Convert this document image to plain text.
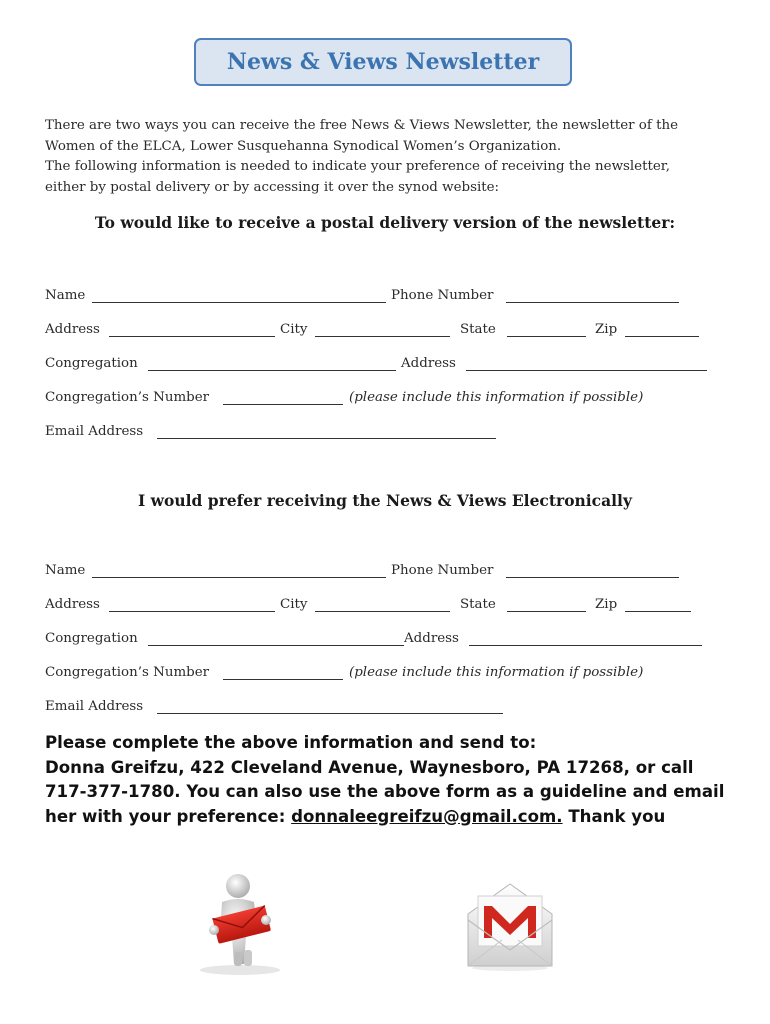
News & Views Newsletter

There are two ways you can receive the free News & Views Newsletter, the newsletter of the

Women of the ELCA, Lower Susquehanna Synodical Women’s Organization.

The following information is needed to indicate your preference of receiving the newsletter,

either by postal delivery or by accessing it over the synod website:

To would like to receive a postal delivery version of the newsletter:
Name	Phone Number
Address	City	State	Zip
Congregation	Address
Congregation’s Number	(please include this information if possible)
Email Address
I would prefer receiving the News & Views Electronically
Name	Phone Number
Address	City	State	Zip
Congregation	Address
Congregation’s Number	(please include this information if possible)
Email Address

Please complete the above information and send to:

Donna Greifzu, 422 Cleveland Avenue, Waynesboro, PA 17268, or call

717-377-1780. You can also use the above form as a guideline and email

her with your preference: donnaleegreifzu@gmail.com. Thank you
